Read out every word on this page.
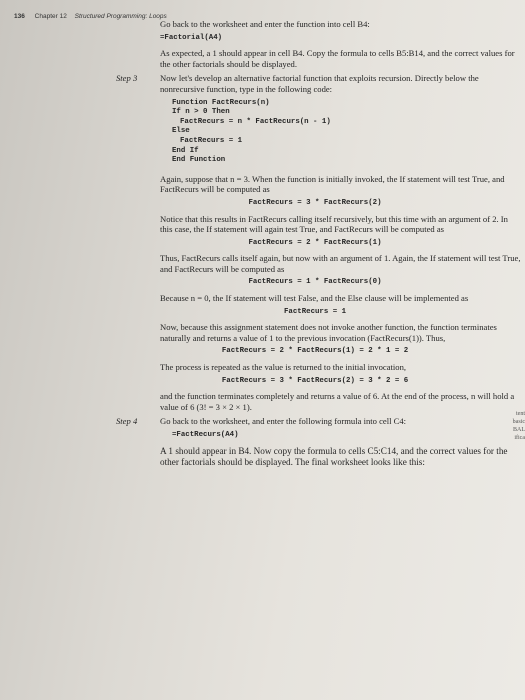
136 Chapter 12 Structured Programming: Loops

Go back to the worksheet and enter the function into cell B4:

=Factorial(A4)

As expected, a 1 should appear in cell B4. Copy the formula to cells B5:B14, and the correct values for the other factorials should be displayed.

Step 3	Now let's develop an alternative factorial function that exploits recursion. Directly below the nonrecursive function, type in the following code:

Function FactRecurs(n)
If n > 0 Then
FactRecurs = n * FactRecurs(n - 1)
Else
FactRecurs = 1
End If
End Function

Again, suppose that n = 3. When the function is initially invoked, the If statement will test True, and FactRecurs will be computed as

FactRecurs = 3 * FactRecurs(2)

Notice that this results in FactRecurs calling itself recursively, but this time with an argument of 2. In this case, the If statement will again test True, and FactRecurs will be computed as

FactRecurs = 2 * FactRecurs(1)

Thus, FactRecurs calls itself again, but now with an argument of 1. Again, the If statement will test True, and FactRecurs will be computed as

FactRecurs = 1 * FactRecurs(0)

Because n = 0, the If statement will test False, and the Else clause will be implemented as

FactRecurs = 1

Now, because this assignment statement does not invoke another function, the function terminates naturally and returns a value of 1 to the previous invocation (FactRecurs(1)). Thus,

FactRecurs = 2 * FactRecurs(1) = 2 * 1 = 2

The process is repeated as the value is returned to the initial invocation,

FactRecurs = 3 * FactRecurs(2) = 3 * 2 = 6

and the function terminates completely and returns a value of 6. At the end of the process, n will hold a value of 6 (3! = 3 × 2 × 1).

Step 4	Go back to the worksheet, and enter the following formula into cell C4:

=FactRecurs(A4)

A 1 should appear in B4. Now copy the formula to cells C5:C14, and the correct values for the other factorials should be displayed. The final worksheet looks like this:

tent
basic
BAL
ifica
